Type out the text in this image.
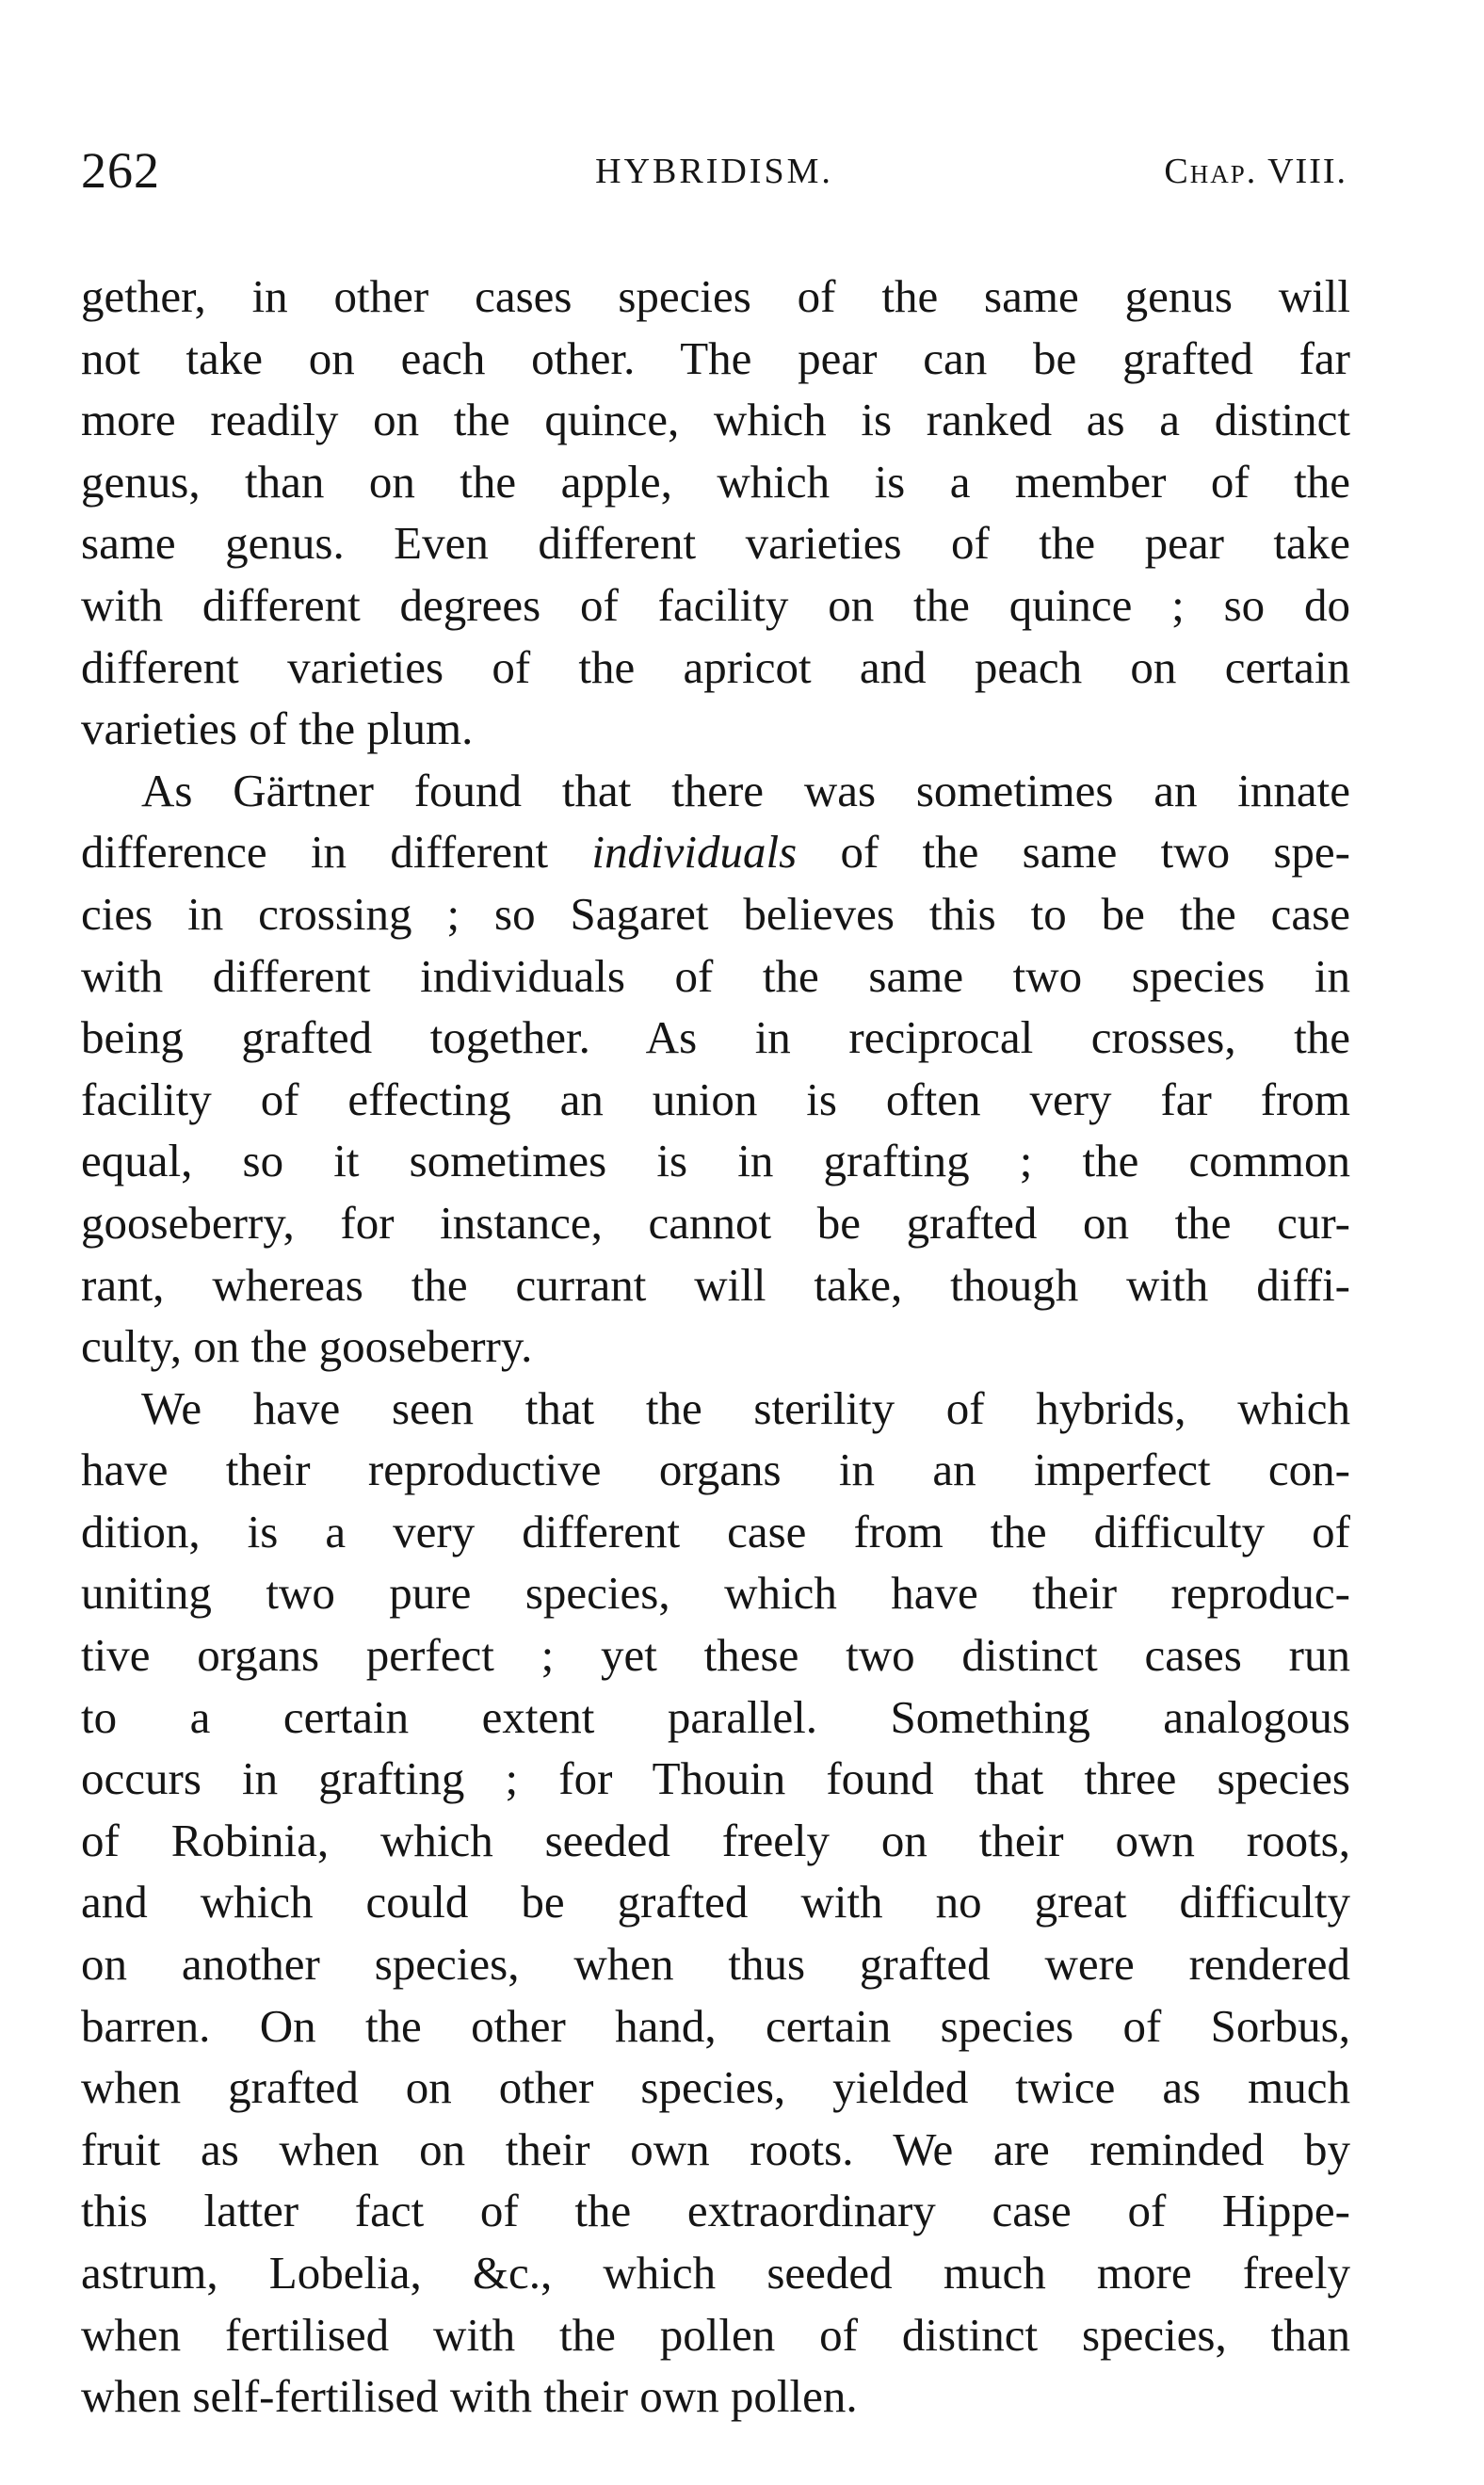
262	HYBRIDISM.	Chap. VIII.
gether, in other cases species of the same genus will
not take on each other. The pear can be grafted far
more readily on the quince, which is ranked as a distinct
genus, than on the apple, which is a member of the
same genus. Even different varieties of the pear take
with different degrees of facility on the quince ; so do
different varieties of the apricot and peach on certain
varieties of the plum.
As Gärtner found that there was sometimes an innate
difference in different individuals of the same two spe-
cies in crossing ; so Sagaret believes this to be the case
with different individuals of the same two species in
being grafted together. As in reciprocal crosses, the
facility of effecting an union is often very far from
equal, so it sometimes is in grafting ; the common
gooseberry, for instance, cannot be grafted on the cur-
rant, whereas the currant will take, though with diffi-
culty, on the gooseberry.
We have seen that the sterility of hybrids, which
have their reproductive organs in an imperfect con-
dition, is a very different case from the difficulty of
uniting two pure species, which have their reproduc-
tive organs perfect ; yet these two distinct cases run
to a certain extent parallel. Something analogous
occurs in grafting ; for Thouin found that three species
of Robinia, which seeded freely on their own roots,
and which could be grafted with no great difficulty
on another species, when thus grafted were rendered
barren. On the other hand, certain species of Sorbus,
when grafted on other species, yielded twice as much
fruit as when on their own roots. We are reminded by
this latter fact of the extraordinary case of Hippe-
astrum, Lobelia, &c., which seeded much more freely
when fertilised with the pollen of distinct species, than
when self-fertilised with their own pollen.
